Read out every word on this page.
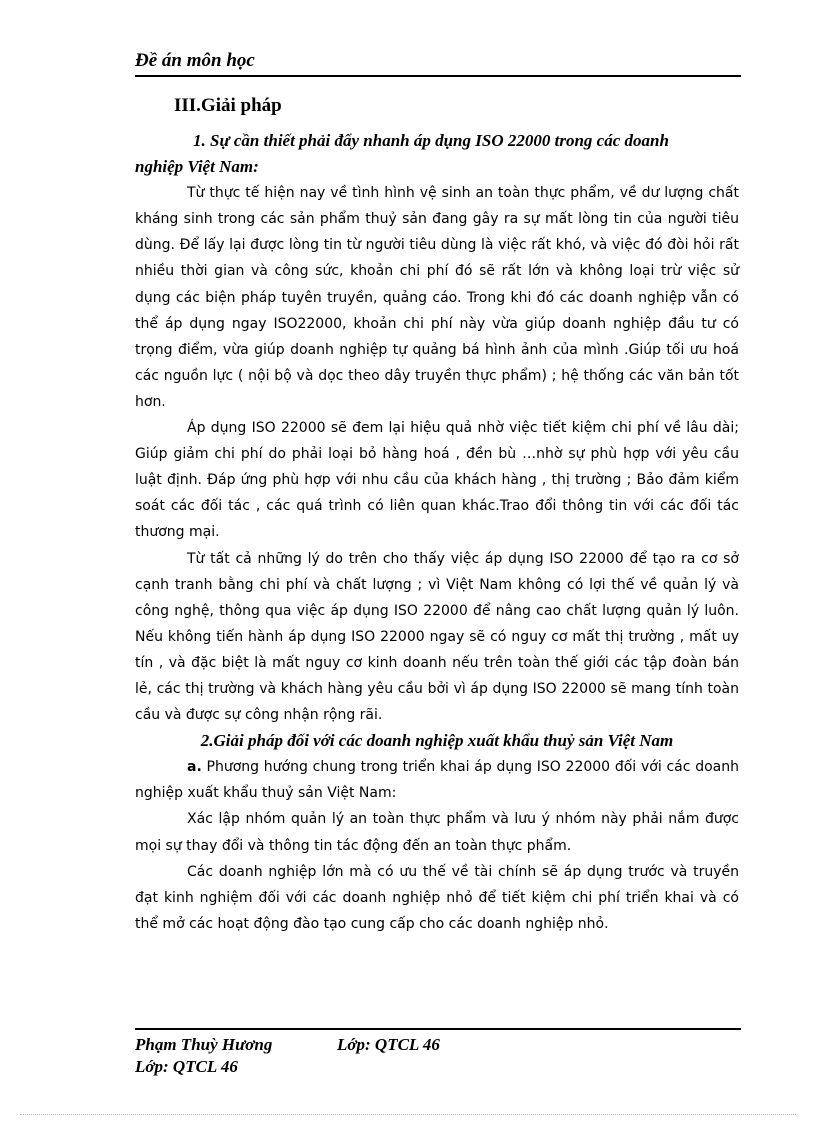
Đề án môn học
III.Giải pháp

1. Sự cần thiết phải đẩy nhanh áp dụng ISO 22000 trong các doanh

nghiệp Việt Nam:

Từ thực tế hiện nay về tình hình vệ sinh an toàn thực phẩm, về dư lượng chất kháng sinh trong các sản phẩm thuỷ sản đang gây ra sự mất lòng tin của người tiêu dùng. Để lấy lại được lòng tin từ người tiêu dùng là việc rất khó, và việc đó đòi hỏi rất nhiều thời gian và công sức, khoản chi phí đó sẽ rất lớn và không loại trừ việc sử dụng các biện pháp tuyên truyền, quảng cáo. Trong khi đó các doanh nghiệp vẫn có thể áp dụng ngay ISO22000, khoản chi phí này vừa giúp doanh nghiệp đầu tư có trọng điểm, vừa giúp doanh nghiệp tự quảng bá hình ảnh của mình .Giúp tối ưu hoá các nguồn lực ( nội bộ và dọc theo dây truyền thực phẩm) ; hệ thống các văn bản tốt hơn.

Áp dụng ISO 22000 sẽ đem lại hiệu quả nhờ việc tiết kiệm chi phí về lâu dài; Giúp giảm chi phí do phải loại bỏ hàng hoá , đền bù …nhờ sự phù hợp với yêu cầu luật định. Đáp ứng phù hợp với nhu cầu của khách hàng , thị trường ; Bảo đảm kiểm soát các đối tác , các quá trình có liên quan khác.Trao đổi thông tin với các đối tác thương mại.

Từ tất cả những lý do trên cho thấy việc áp dụng ISO 22000 để tạo ra cơ sở cạnh tranh bằng chi phí và chất lượng ; vì Việt Nam không có lợi thế về quản lý và công nghệ, thông qua việc áp dụng ISO 22000 để nâng cao chất lượng quản lý luôn. Nếu không tiến hành áp dụng ISO 22000 ngay sẽ có nguy cơ mất thị trường , mất uy tín , và đặc biệt là mất nguy cơ kinh doanh nếu trên toàn thế giới các tập đoàn bán lẻ, các thị trường và khách hàng yêu cầu bởi vì áp dụng ISO 22000 sẽ mang tính toàn cầu và được sự công nhận rộng rãi.

2.Giải pháp đối với các doanh nghiệp xuất khẩu thuỷ sản Việt Nam

a. Phương hướng chung trong triển khai áp dụng ISO 22000 đối với các doanh nghiệp xuất khẩu thuỷ sản Việt Nam:

Xác lập nhóm quản lý an toàn thực phẩm và lưu ý nhóm này phải nắm được mọi sự thay đổi và thông tin tác động đến an toàn thực phẩm.

Các doanh nghiệp lớn mà có ưu thế về tài chính sẽ áp dụng trước và truyền đạt kinh nghiệm đối với các doanh nghiệp nhỏ để tiết kiệm chi phí triển khai và có thể mở các hoạt động đào tạo cung cấp cho các doanh nghiệp nhỏ.

Phạm Thuỳ Hương	Lớp: QTCL 46
Lớp: QTCL 46
